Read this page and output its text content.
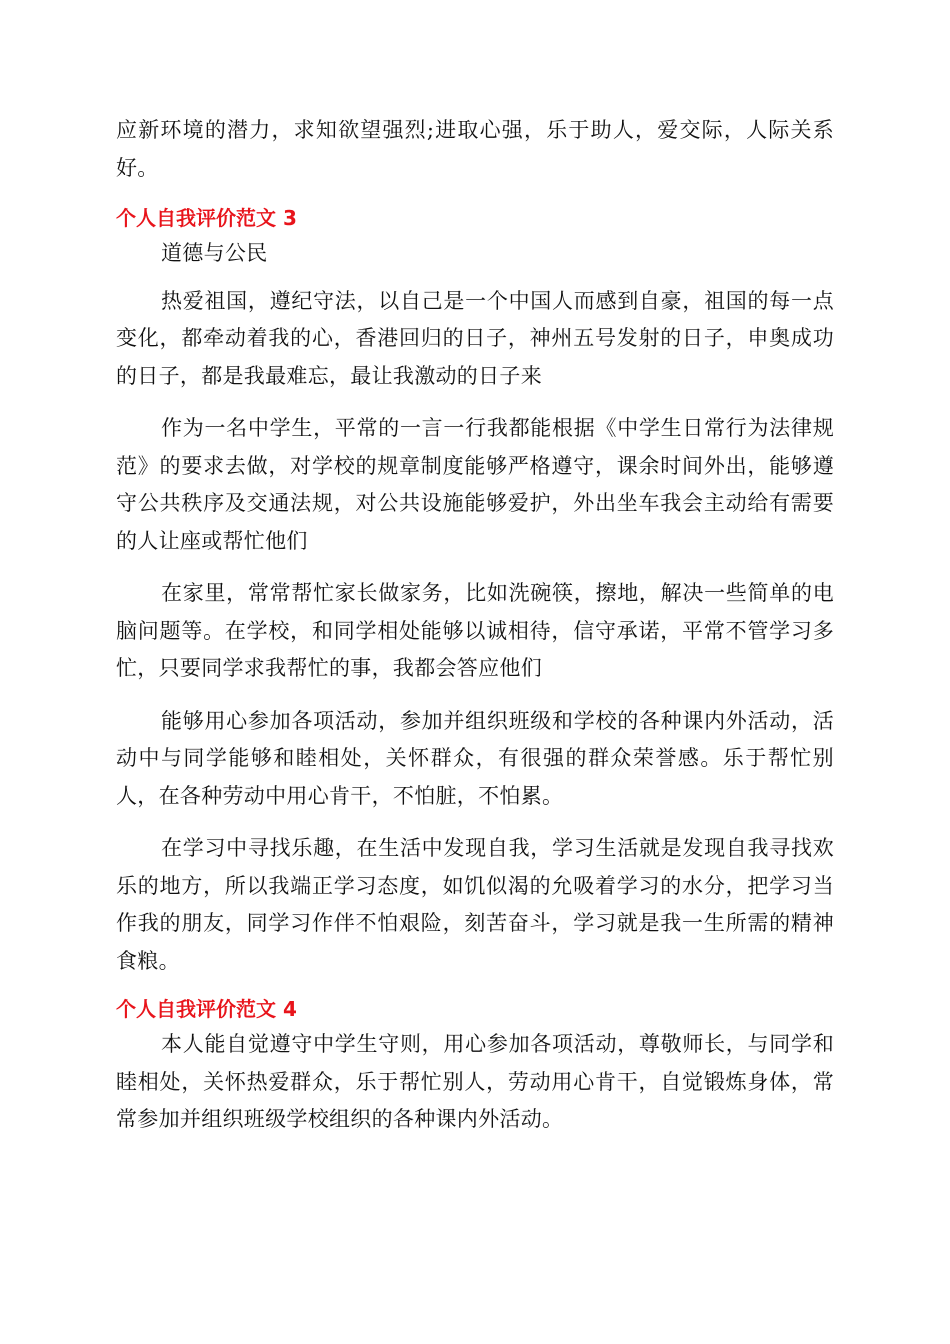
应新环境的潜力，求知欲望强烈;进取心强，乐于助人，爱交际，人际关系好。

个人自我评价范文 3

道德与公民

热爱祖国，遵纪守法，以自己是一个中国人而感到自豪，祖国的每一点变化，都牵动着我的心，香港回归的日子，神州五号发射的日子，申奥成功的日子，都是我最难忘，最让我激动的日子来

作为一名中学生，平常的一言一行我都能根据《中学生日常行为法律规范》的要求去做，对学校的规章制度能够严格遵守，课余时间外出，能够遵守公共秩序及交通法规，对公共设施能够爱护，外出坐车我会主动给有需要的人让座或帮忙他们

在家里，常常帮忙家长做家务，比如洗碗筷，擦地，解决一些简单的电脑问题等。在学校，和同学相处能够以诚相待，信守承诺，平常不管学习多忙，只要同学求我帮忙的事，我都会答应他们

能够用心参加各项活动，参加并组织班级和学校的各种课内外活动，活动中与同学能够和睦相处，关怀群众，有很强的群众荣誉感。乐于帮忙别人，在各种劳动中用心肯干，不怕脏，不怕累。

在学习中寻找乐趣，在生活中发现自我，学习生活就是发现自我寻找欢乐的地方，所以我端正学习态度，如饥似渴的允吸着学习的水分，把学习当作我的朋友，同学习作伴不怕艰险，刻苦奋斗，学习就是我一生所需的精神食粮。

个人自我评价范文 4

本人能自觉遵守中学生守则，用心参加各项活动，尊敬师长，与同学和睦相处，关怀热爱群众，乐于帮忙别人，劳动用心肯干，自觉锻炼身体，常常参加并组织班级学校组织的各种课内外活动。
